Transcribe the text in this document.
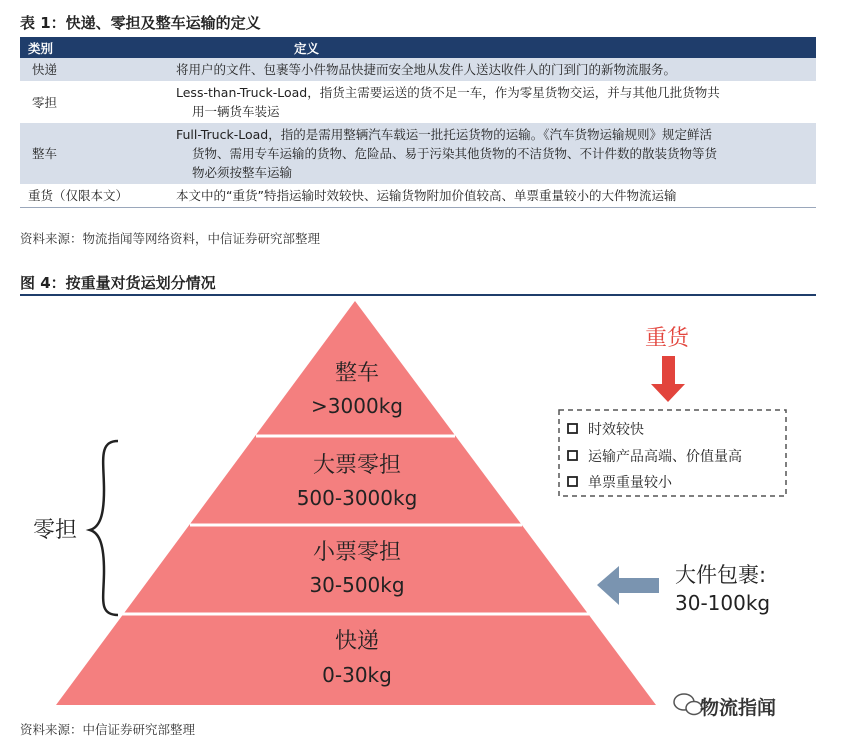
表 1：快递、零担及整车运输的定义
类别	定义
快递	将用户的文件、包裹等小件物品快捷而安全地从发件人送达收件人的门到门的新物流服务。

零担	Less-than-Truck-Load，指货主需要运送的货不足一车，作为零星货物交运，并与其他几批货物共
用一辆货车装运

整车	Full-Truck-Load，指的是需用整辆汽车载运一批托运货物的运输。《汽车货物运输规则》规定鲜活
货物、需用专车运输的货物、危险品、易于污染其他货物的不洁货物、不计件数的散装货物等货
物必须按整车运输

重货（仅限本文）	本文中的“重货”特指运输时效较快、运输货物附加价值较高、单票重量较小的大件物流运输
资料来源：物流指闻等网络资料，中信证券研究部整理
图 4：按重量对货运划分情况
整车
>3000kg
大票零担
500-3000kg
小票零担
30-500kg
快递
0-30kg
零担
重货
时效较快
运输产品高端、价值量高
单票重量较小
大件包裹:
30-100kg
物流指闻
资料来源：中信证券研究部整理
